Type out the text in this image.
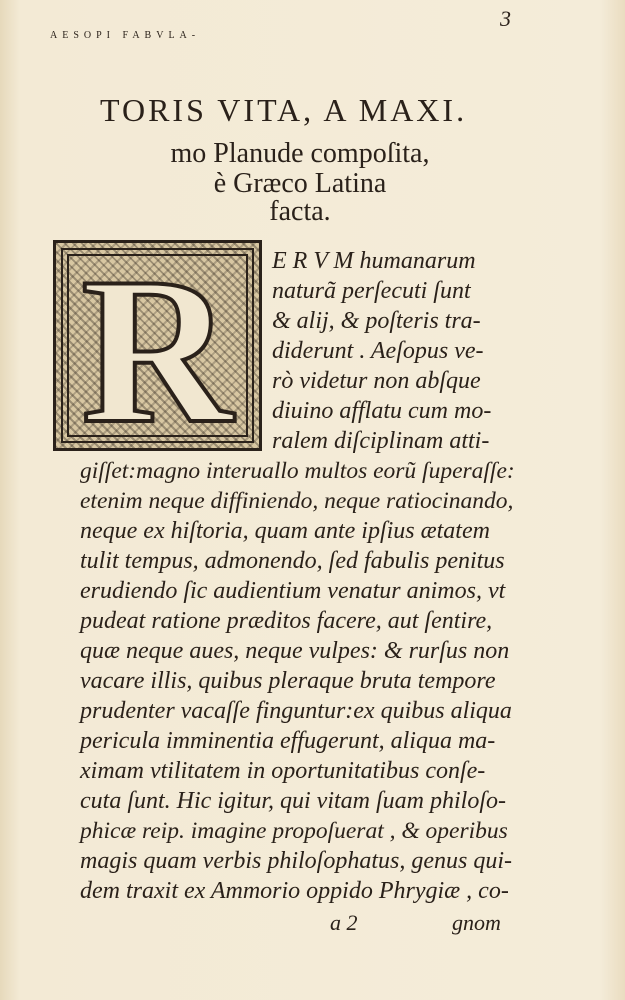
3
AESOPI FABVLA-
TORIS VITA, A MAXI.
mo Planude compoſita,
è Græco Latina
facta.
R E R V M humanarum
naturã perſecuti ſunt
& alij, & poſteris tra-
diderunt . Aeſopus ve-
rò videtur non abſque
diuino afflatu cum mo-
ralem diſciplinam atti-
giſſet:magno interuallo multos eorũ ſuperaſſe:
etenim neque diffiniendo, neque ratiocinando,
neque ex hiſtoria, quam ante ipſius ætatem
tulit tempus, admonendo, ſed fabulis penitus
erudiendo ſic audientium venatur animos, vt
pudeat ratione præditos facere, aut ſentire,
quæ neque aues, neque vulpes: & rurſus non
vacare illis, quibus pleraque bruta tempore
prudenter vacaſſe finguntur:ex quibus aliqua
pericula imminentia effugerunt, aliqua ma-
ximam vtilitatem in oportunitatibus conſe-
cuta ſunt. Hic igitur, qui vitam ſuam philoſo-
phicæ reip. imagine propoſuerat , & operibus
magis quam verbis philoſophatus, genus qui-
dem traxit ex Ammorio oppido Phrygiæ , co-
a 2	gnom
